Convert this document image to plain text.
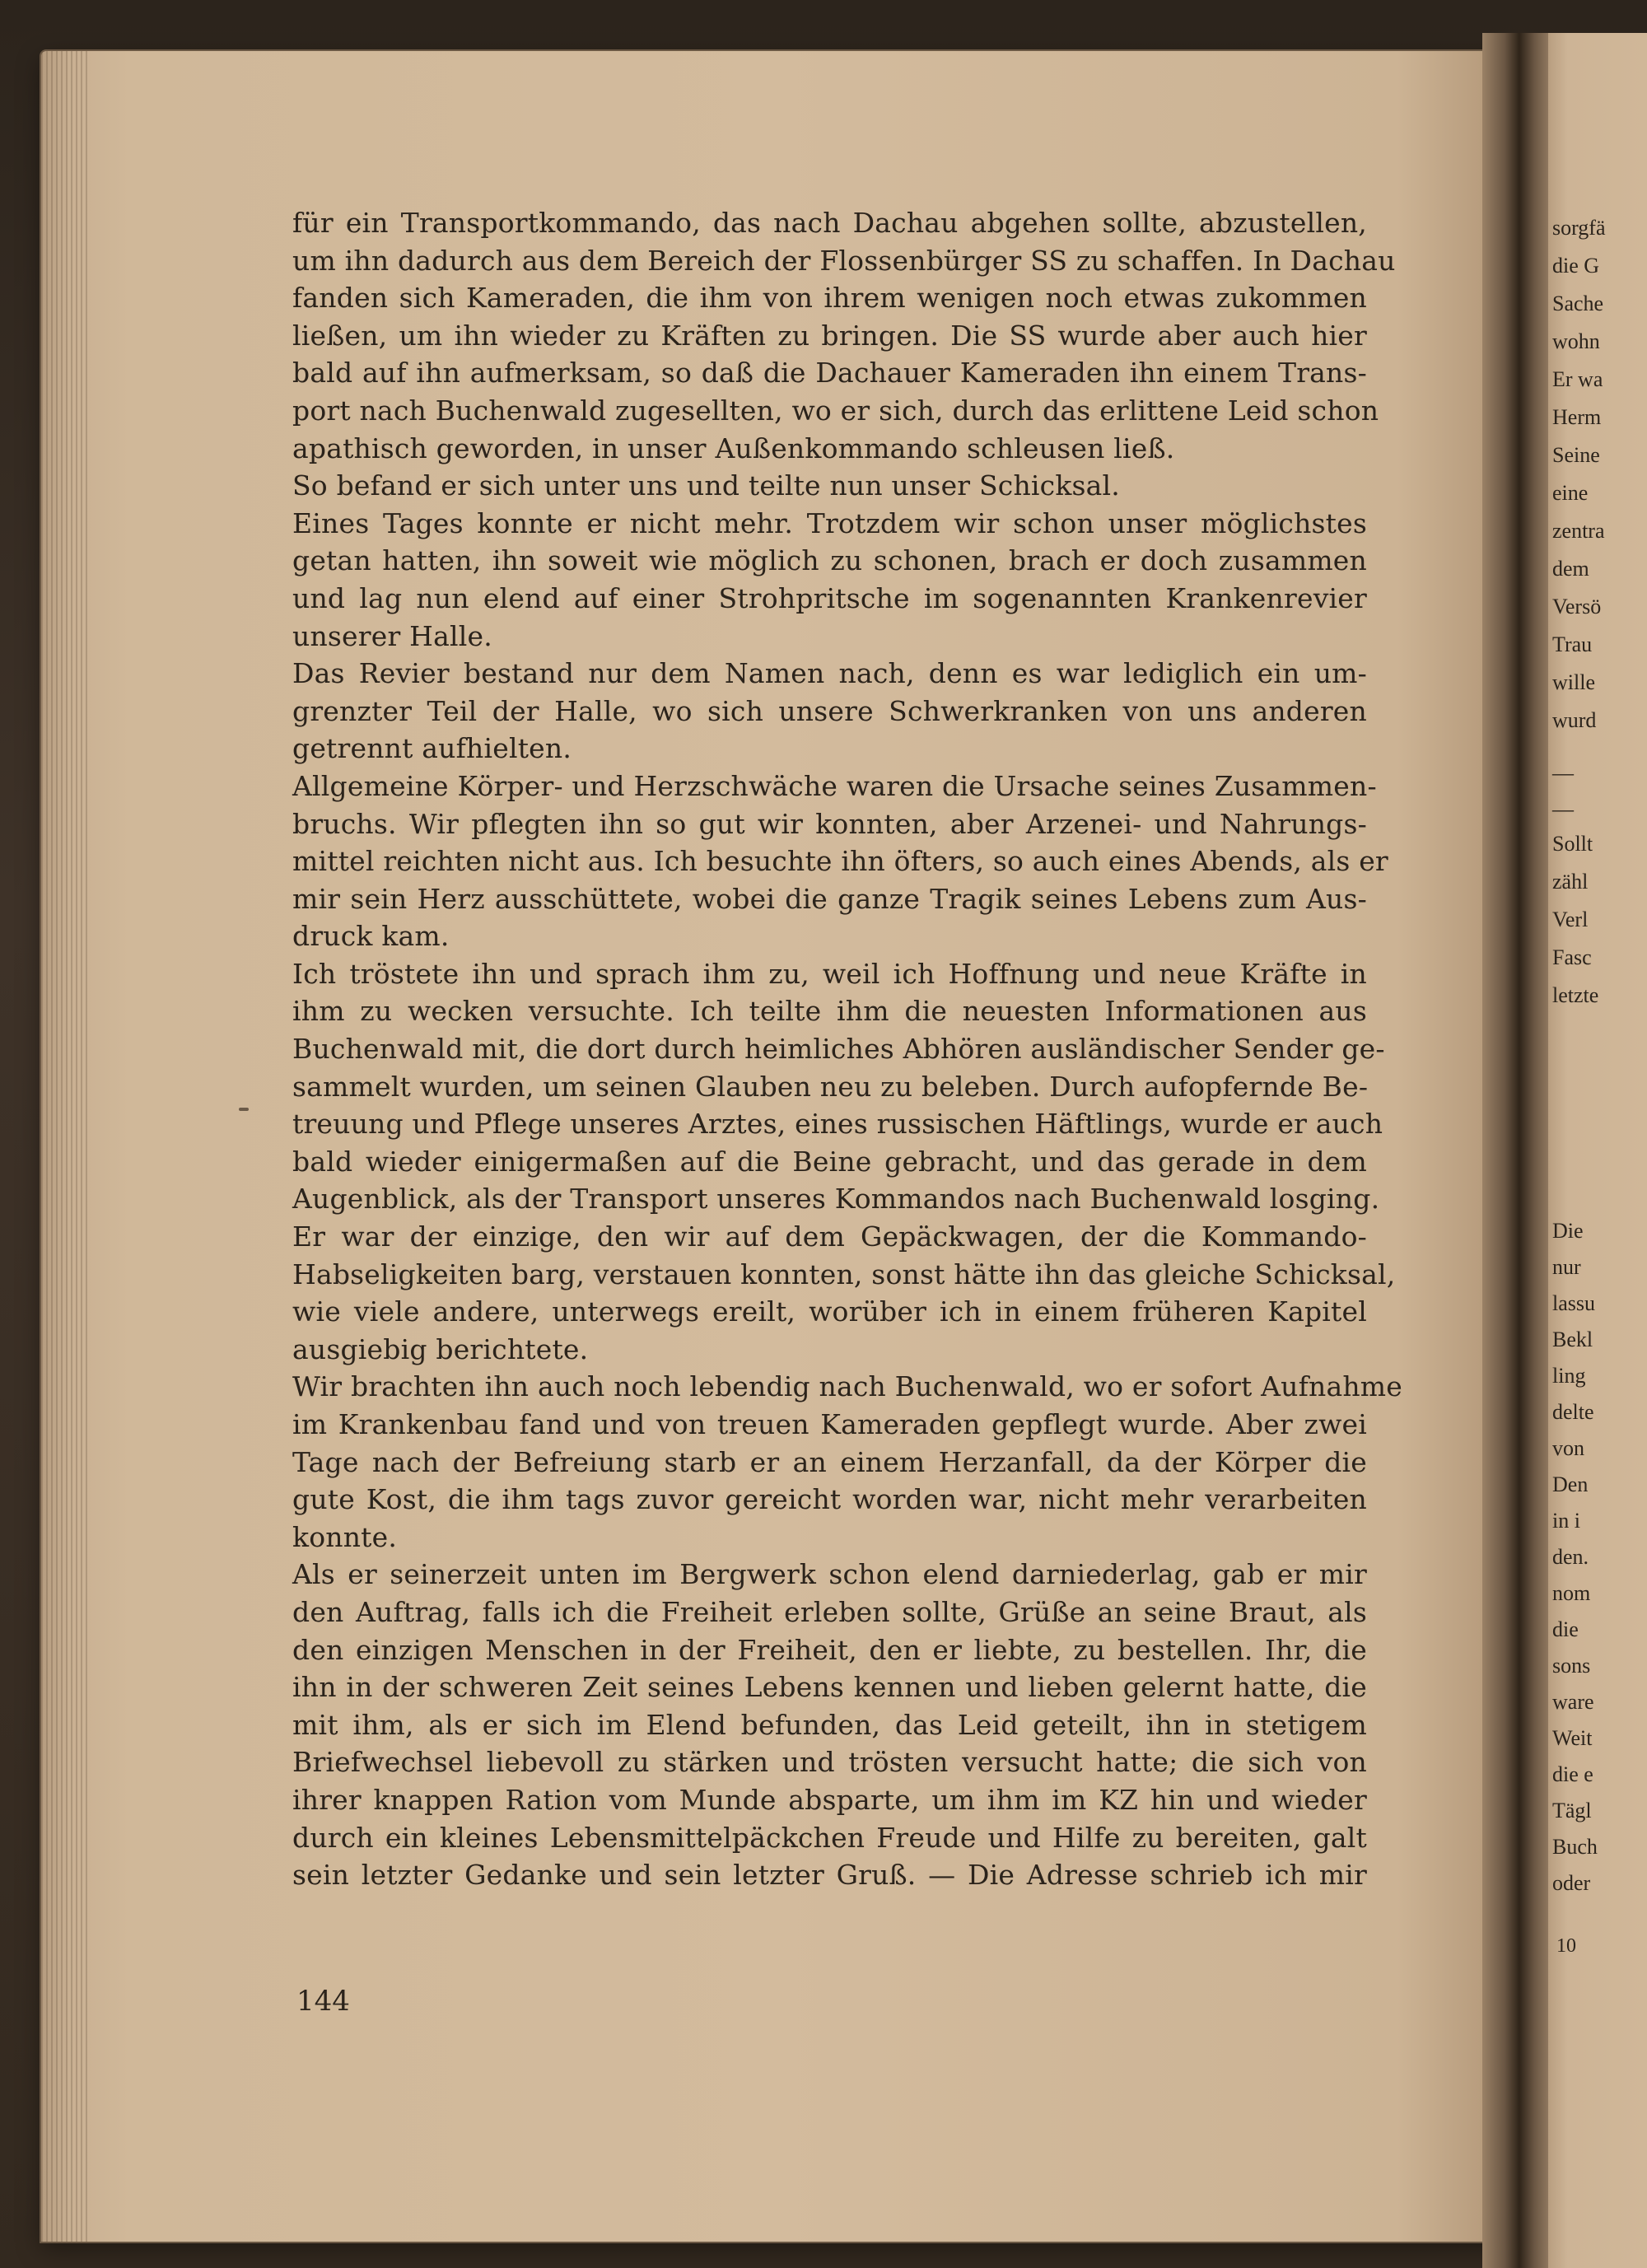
für ein Transportkommando, das nach Dachau abgehen sollte, abzustellen,
um ihn dadurch aus dem Bereich der Flossenbürger SS zu schaffen. In Dachau
fanden sich Kameraden, die ihm von ihrem wenigen noch etwas zukommen
ließen, um ihn wieder zu Kräften zu bringen. Die SS wurde aber auch hier
bald auf ihn aufmerksam, so daß die Dachauer Kameraden ihn einem Trans-
port nach Buchenwald zugesellten, wo er sich, durch das erlittene Leid schon
apathisch geworden, in unser Außenkommando schleusen ließ.
So befand er sich unter uns und teilte nun unser Schicksal.
Eines Tages konnte er nicht mehr. Trotzdem wir schon unser möglichstes
getan hatten, ihn soweit wie möglich zu schonen, brach er doch zusammen
und lag nun elend auf einer Strohpritsche im sogenannten Krankenrevier
unserer Halle.
Das Revier bestand nur dem Namen nach, denn es war lediglich ein um-
grenzter Teil der Halle, wo sich unsere Schwerkranken von uns anderen
getrennt aufhielten.
Allgemeine Körper- und Herzschwäche waren die Ursache seines Zusammen-
bruchs. Wir pflegten ihn so gut wir konnten, aber Arzenei- und Nahrungs-
mittel reichten nicht aus. Ich besuchte ihn öfters, so auch eines Abends, als er
mir sein Herz ausschüttete, wobei die ganze Tragik seines Lebens zum Aus-
druck kam.
Ich tröstete ihn und sprach ihm zu, weil ich Hoffnung und neue Kräfte in
ihm zu wecken versuchte. Ich teilte ihm die neuesten Informationen aus
Buchenwald mit, die dort durch heimliches Abhören ausländischer Sender ge-
sammelt wurden, um seinen Glauben neu zu beleben. Durch aufopfernde Be-
treuung und Pflege unseres Arztes, eines russischen Häftlings, wurde er auch
bald wieder einigermaßen auf die Beine gebracht, und das gerade in dem
Augenblick, als der Transport unseres Kommandos nach Buchenwald losging.
Er war der einzige, den wir auf dem Gepäckwagen, der die Kommando-
Habseligkeiten barg, verstauen konnten, sonst hätte ihn das gleiche Schicksal,
wie viele andere, unterwegs ereilt, worüber ich in einem früheren Kapitel
ausgiebig berichtete.
Wir brachten ihn auch noch lebendig nach Buchenwald, wo er sofort Aufnahme
im Krankenbau fand und von treuen Kameraden gepflegt wurde. Aber zwei
Tage nach der Befreiung starb er an einem Herzanfall, da der Körper die
gute Kost, die ihm tags zuvor gereicht worden war, nicht mehr verarbeiten
konnte.
Als er seinerzeit unten im Bergwerk schon elend darniederlag, gab er mir
den Auftrag, falls ich die Freiheit erleben sollte, Grüße an seine Braut, als
den einzigen Menschen in der Freiheit, den er liebte, zu bestellen. Ihr, die
ihn in der schweren Zeit seines Lebens kennen und lieben gelernt hatte, die
mit ihm, als er sich im Elend befunden, das Leid geteilt, ihn in stetigem
Briefwechsel liebevoll zu stärken und trösten versucht hatte; die sich von
ihrer knappen Ration vom Munde absparte, um ihm im KZ hin und wieder
durch ein kleines Lebensmittelpäckchen Freude und Hilfe zu bereiten, galt
sein letzter Gedanke und sein letzter Gruß. — Die Adresse schrieb ich mir
144
sorgfä
die G
Sache
wohn
Er wa
Herm
Seine
eine
zentra
dem
Versö
Trau
wille
wurd
—
—
Sollt
zähl
Verl
Fasc
letzte
Die
nur
lassu
Bekl
ling
delte
von
Den
in i
den.
nom
die
sons
ware
Weit
die e
Tägl
Buch
oder
10
